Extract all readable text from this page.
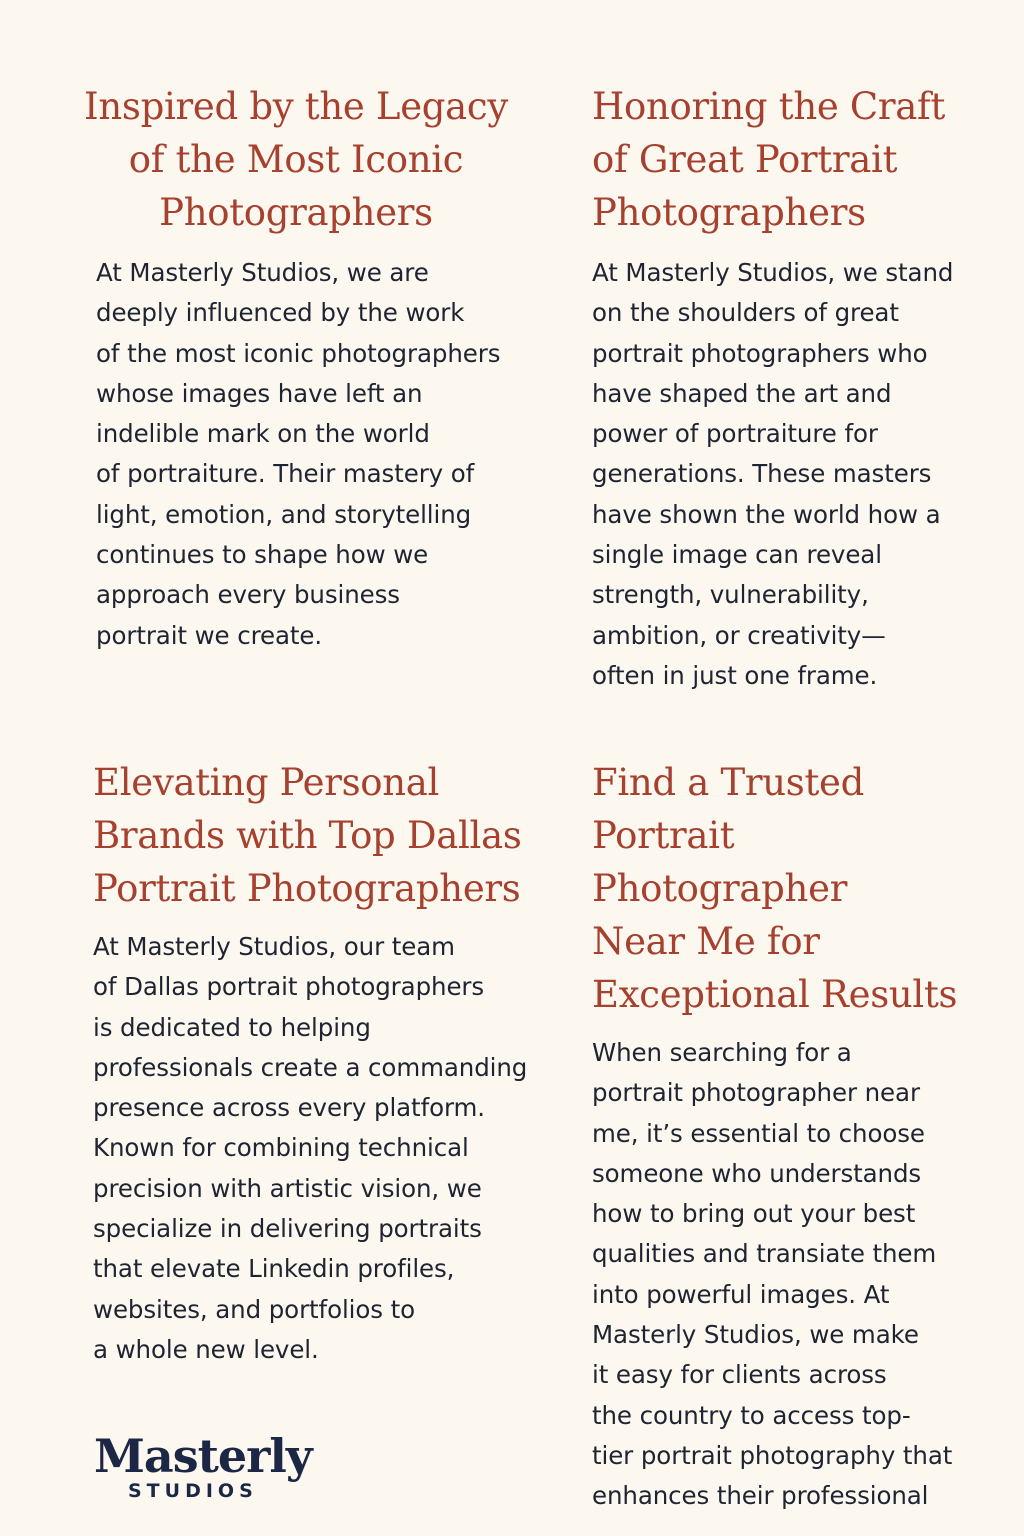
Inspired by the Legacy
of the Most Iconic
Photographers

At Masterly Studios, we are
deeply influenced by the work
of the most iconic photographers
whose images have left an
indelible mark on the world
of portraiture. Their mastery of
light, emotion, and storytelling
continues to shape how we
approach every business
portrait we create.

Honoring the Craft
of Great Portrait
Photographers

At Masterly Studios, we stand
on the shoulders of great
portrait photographers who
have shaped the art and
power of portraiture for
generations. These masters
have shown the world how a
single image can reveal
strength, vulnerability,
ambition, or creativity—
often in just one frame.

Elevating Personal
Brands with Top Dallas
Portrait Photographers

At Masterly Studios, our team
of Dallas portrait photographers
is dedicated to helping
professionals create a commanding
presence across every platform.
Known for combining technical
precision with artistic vision, we
specialize in delivering portraits
that elevate Linkedin profiles,
websites, and portfolios to
a whole new level.

Find a Trusted
Portrait
Photographer
Near Me for
Exceptional Results

When searching for a
portrait photographer near
me, it’s essential to choose
someone who understands
how to bring out your best
qualities and transiate them
into powerful images. At
Masterly Studios, we make
it easy for clients across
the country to access top-
tier portrait photography that
enhances their professional

Masterly
STUDIOS
